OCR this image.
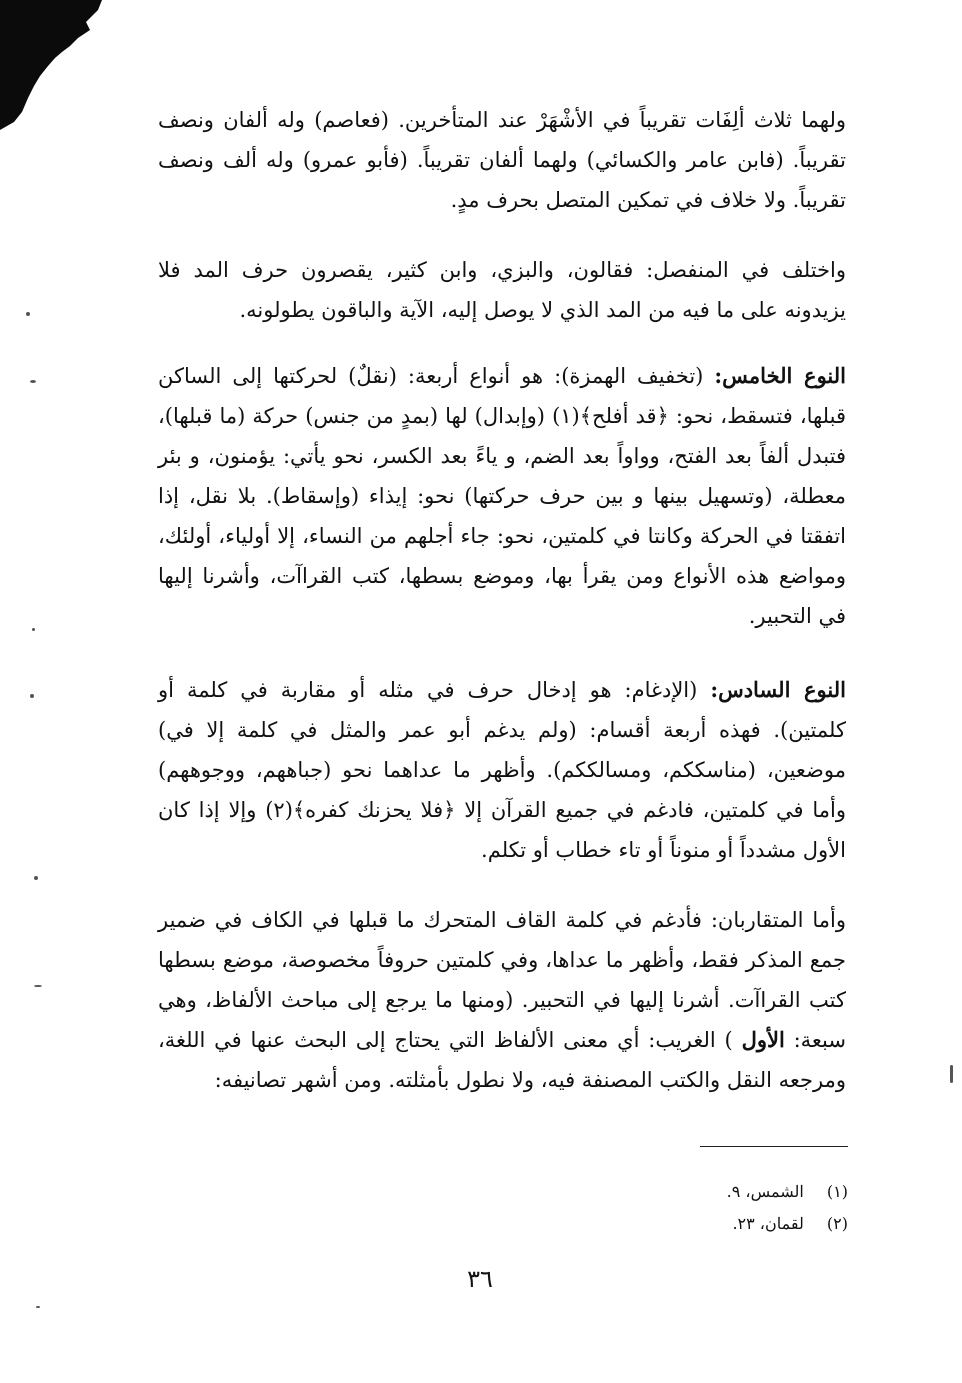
ولهما ثلاث ألِفَات تقريباً في الأشْهَرْ عند المتأخرين. (فعاصم) وله ألفان ونصف تقريباً. (فابن عامر والكسائي) ولهما ألفان تقريباً. (فأبو عمرو) وله ألف ونصف تقريباً. ولا خلاف في تمكين المتصل بحرف مدٍ.

واختلف في المنفصل: فقالون، والبزي، وابن كثير، يقصرون حرف المد فلا يزيدونه على ما فيه من المد الذي لا يوصل إليه، الآية والباقون يطولونه.

النوع الخامس: (تخفيف الهمزة): هو أنواع أربعة: (نقلٌ) لحركتها إلى الساكن قبلها، فتسقط، نحو: ﴿قد أفلح﴾(١) (وإبدال) لها (بمدٍ من جنس) حركة (ما قبلها)، فتبدل ألفاً بعد الفتح، وواواً بعد الضم، و ياءً بعد الكسر، نحو يأتي: يؤمنون، و بئر معطلة، (وتسهيل بينها و بين حرف حركتها) نحو: إيذاء (وإسقاط). بلا نقل، إذا اتفقتا في الحركة وكانتا في كلمتين، نحو: جاء أجلهم من النساء، إلا أولياء، أولئك، ومواضع هذه الأنواع ومن يقرأ بها، وموضع بسطها، كتب القراآت، وأشرنا إليها في التحبير.

النوع السادس: (الإدغام: هو إدخال حرف في مثله أو مقاربة في كلمة أو كلمتين). فهذه أربعة أقسام: (ولم يدغم أبو عمر والمثل في كلمة إلا في) موضعين، (مناسككم، ومسالككم). وأظهر ما عداهما نحو (جباههم، ووجوههم) وأما في كلمتين، فادغم في جميع القرآن إلا ﴿فلا يحزنك كفره﴾(٢) وإلا إذا كان الأول مشدداً أو منوناً أو تاء خطاب أو تكلم.

وأما المتقاربان: فأدغم في كلمة القاف المتحرك ما قبلها في الكاف في ضمير جمع المذكر فقط، وأظهر ما عداها، وفي كلمتين حروفاً مخصوصة، موضع بسطها كتب القراآت. أشرنا إليها في التحبير. (ومنها ما يرجع إلى مباحث الألفاظ، وهي سبعة: الأول ) الغريب: أي معنى الألفاظ التي يحتاج إلى البحث عنها في اللغة، ومرجعه النقل والكتب المصنفة فيه، ولا نطول بأمثلته. ومن أشهر تصانيفه:

(١) الشمس، ٩.
(٢) لقمان، ٢٣.
٣٦
